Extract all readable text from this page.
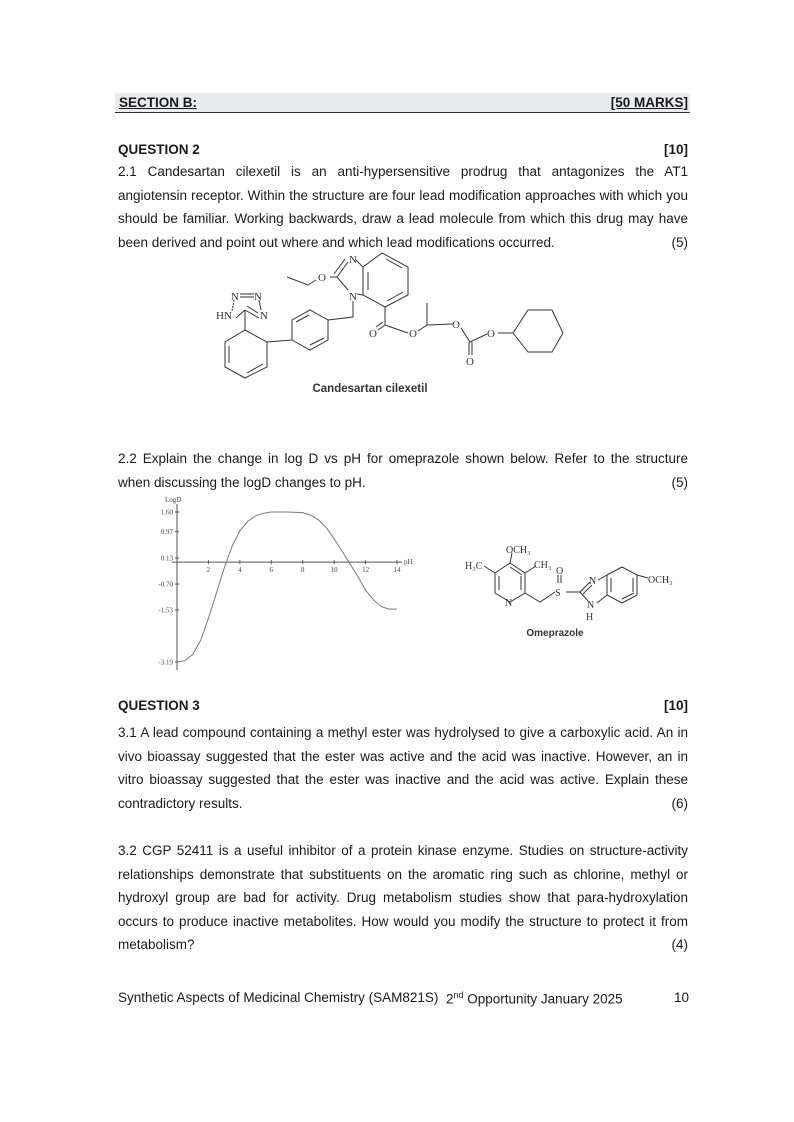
SECTION B:	[50 MARKS]
QUESTION 2	[10]
2.1 Candesartan cilexetil is an anti-hypersensitive prodrug that antagonizes the AT1 angiotensin receptor. Within the structure are four lead modification approaches with which you should be familiar. Working backwards, draw a lead molecule from which this drug may have been derived and point out where and which lead modifications occurred.	(5)
N
O
N
N N
HN	N
O	O
O
O
O
Candesartan cilexetil
2.2 Explain the change in log D vs pH for omeprazole shown below. Refer to the structure when discussing the logD changes to pH.	(5)
LogD
pH
2	4	6	8	10	12	14
1.60
0.97
0.13
-0.70
-1.53
-3.19
OCH₃
H₃C	CH₃
N
S
O
N
N
H
OCH₃
Omeprazole
QUESTION 3	[10]
3.1 A lead compound containing a methyl ester was hydrolysed to give a carboxylic acid. An in vivo bioassay suggested that the ester was active and the acid was inactive. However, an in vitro bioassay suggested that the ester was inactive and the acid was active. Explain these contradictory results.	(6)
3.2 CGP 52411 is a useful inhibitor of a protein kinase enzyme. Studies on structure-activity relationships demonstrate that substituents on the aromatic ring such as chlorine, methyl or hydroxyl group are bad for activity. Drug metabolism studies show that para-hydroxylation occurs to produce inactive metabolites. How would you modify the structure to protect it from metabolism?	(4)
Synthetic Aspects of Medicinal Chemistry (SAM821S) 2nd Opportunity January 2025	10
